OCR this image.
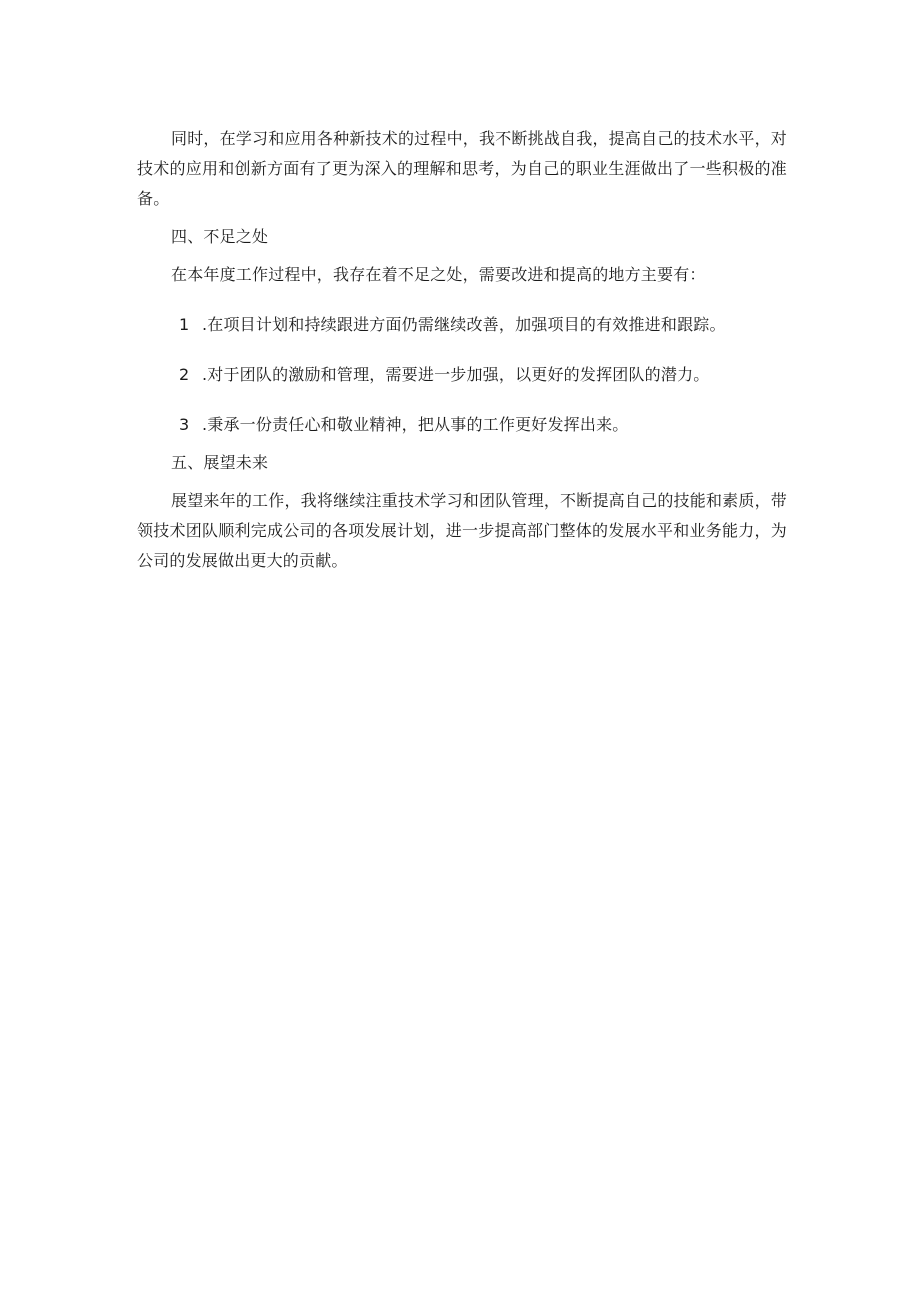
同时，在学习和应用各种新技术的过程中，我不断挑战自我，提高自己的技术水平，对技术的应用和创新方面有了更为深入的理解和思考，为自己的职业生涯做出了一些积极的准备。

四、不足之处

在本年度工作过程中，我存在着不足之处，需要改进和提高的地方主要有：

1 .在项目计划和持续跟进方面仍需继续改善，加强项目的有效推进和跟踪。
2 .对于团队的激励和管理，需要进一步加强，以更好的发挥团队的潜力。
3 .秉承一份责任心和敬业精神，把从事的工作更好发挥出来。

五、展望未来

展望来年的工作，我将继续注重技术学习和团队管理，不断提高自己的技能和素质，带领技术团队顺利完成公司的各项发展计划，进一步提高部门整体的发展水平和业务能力，为公司的发展做出更大的贡献。
